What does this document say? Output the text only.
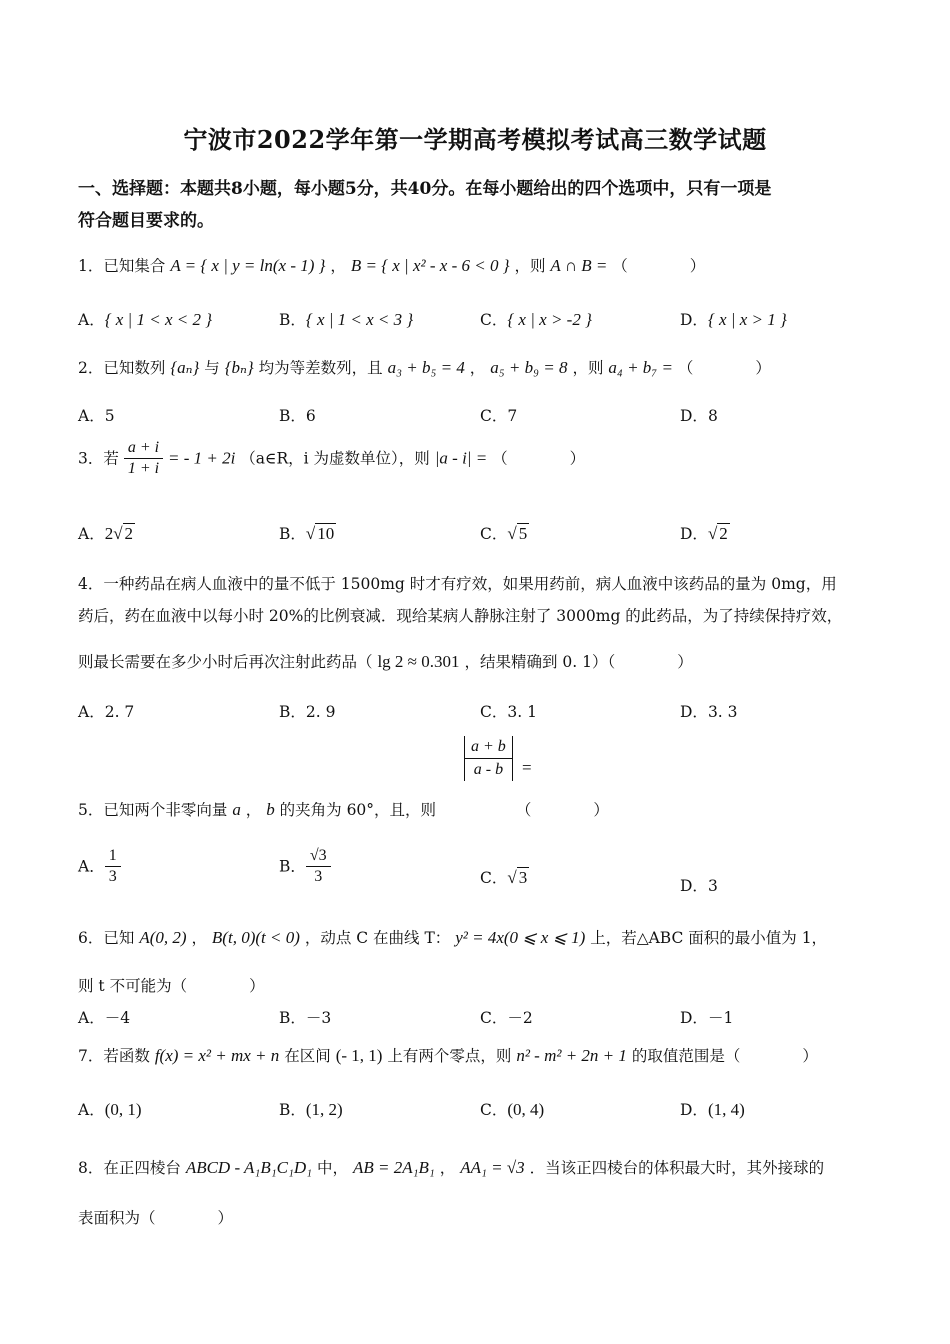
宁波市2022学年第一学期高考模拟考试高三数学试题
一、选择题：本题共8小题，每小题5分，共40分。在每小题给出的四个选项中，只有一项是
符合题目要求的。
1．已知集合 A = { x | y = ln(x - 1) } ， B = { x | x² - x - 6 < 0 } ，则 A ∩ B = （　　　　）
A．{ x | 1 < x < 2 }	B．{ x | 1 < x < 3 }	C．{ x | x > -2 }	D．{ x | x > 1 }
2．已知数列 {aₙ} 与 {bₙ} 均为等差数列，且 a₃ + b₅ = 4 ， a₅ + b₉ = 8 ，则 a₄ + b₇ = （　　　　）
A．5	B．6	C．7	D．8
3．若 $\frac{a + i}{1 + i}$ = - 1 + 2i （a∈R，i 为虚数单位），则 |a - i| = （　　　　）
A．2√ 2	B．√ 10	C．√ 5	D．√ 2
4．一种药品在病人血液中的量不低于 1500mg 时才有疗效，如果用药前，病人血液中该药品的量为 0mg，用
药后，药在血液中以每小时 20%的比例衰减．现给某病人静脉注射了 3000mg 的此药品，为了持续保持疗效，
则最长需要在多少小时后再次注射此药品（ lg 2 ≈ 0.301 ，结果精确到 0. 1）（　　　　）
A．2. 7	B．2. 9	C．3. 1	D．3. 3
$\frac{a + b}{a - b}$ =
5．已知两个非零向量 a ， b 的夹角为 60°，且，则	（　　　　）
A． $\frac{1}{3}$	B． $\frac{√3}{3}$	C．√ 3	D．3
6．已知 A(0, 2) ， B(t, 0)(t < 0) ，动点 C 在曲线 T： y² = 4x(0 ⩽ x ⩽ 1) 上，若△ABC 面积的最小值为 1，
则 t 不可能为（　　　　）
A．－4	B．－3	C．－2	D．－1
7．若函数 f(x) = x² + mx + n 在区间 (- 1, 1) 上有两个零点，则 n² - m² + 2n + 1 的取值范围是（　　　　）
A．(0, 1)	B．(1, 2)	C．(0, 4)	D．(1, 4)
8．在正四棱台 ABCD - A₁B₁C₁D₁ 中， AB = 2A₁B₁ ， AA₁ = √3 ．当该正四棱台的体积最大时，其外接球的
表面积为（　　　　）
